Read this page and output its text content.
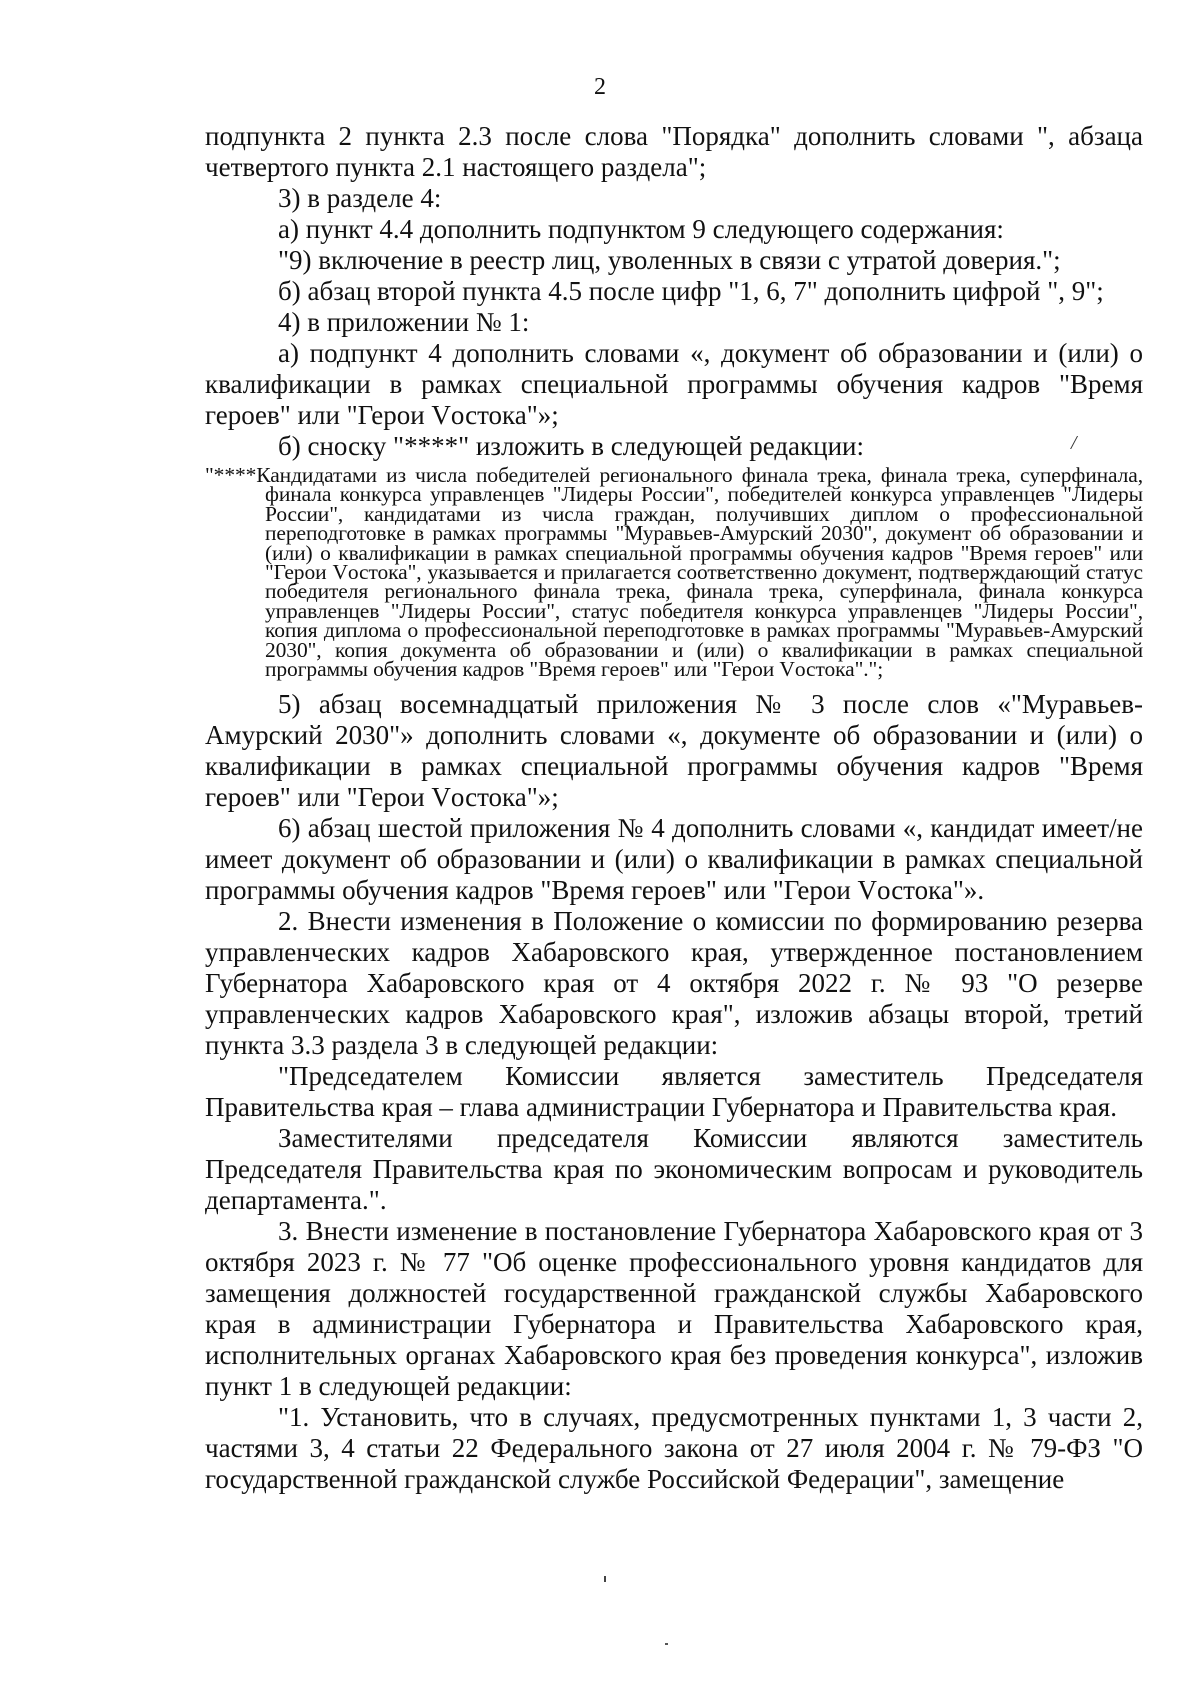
2

подпункта 2 пункта 2.3 после слова "Порядка" дополнить словами ", абзаца четвертого пункта 2.1 настоящего раздела";

3) в разделе 4:

а) пункт 4.4 дополнить подпунктом 9 следующего содержания:

"9) включение в реестр лиц, уволенных в связи с утратой доверия.";

б) абзац второй пункта 4.5 после цифр "1, 6, 7" дополнить цифрой ", 9";

4) в приложении № 1:

а) подпункт 4 дополнить словами «, документ об образовании и (или) о квалификации в рамках специальной программы обучения кадров "Время героев" или "Герои Vостока"»;

б) сноску "****" изложить в следующей редакции:

"****Кандидатами из числа победителей регионального финала трека, финала трека, суперфинала, финала конкурса управленцев "Лидеры России", победителей конкурса управленцев "Лидеры России", кандидатами из числа граждан, получивших диплом о профессиональной переподготовке в рамках программы "Муравьев-Амурский 2030", документ об образовании и (или) о квалификации в рамках специальной программы обучения кадров "Время героев" или "Герои Vостока", указывается и прилагается соответственно документ, подтверждающий статус победителя регионального финала трека, финала трека, суперфинала, финала конкурса управленцев "Лидеры России", статус победителя конкурса управленцев "Лидеры России", копия диплома о профессиональной переподготовке в рамках программы "Муравьев-Амурский 2030", копия документа об образовании и (или) о квалификации в рамках специальной программы обучения кадров "Время героев" или "Герои Vостока".";

5) абзац восемнадцатый приложения № 3 после слов «"Муравьев-Амурский 2030"» дополнить словами «, документе об образовании и (или) о квалификации в рамках специальной программы обучения кадров "Время героев" или "Герои Vостока"»;

6) абзац шестой приложения № 4 дополнить словами «, кандидат имеет/не имеет документ об образовании и (или) о квалификации в рамках специальной программы обучения кадров "Время героев" или "Герои Vостока"».

2. Внести изменения в Положение о комиссии по формированию резерва управленческих кадров Хабаровского края, утвержденное постановлением Губернатора Хабаровского края от 4 октября 2022 г. № 93 "О резерве управленческих кадров Хабаровского края", изложив абзацы второй, третий пункта 3.3 раздела 3 в следующей редакции:

"Председателем Комиссии является заместитель Председателя Правительства края – глава администрации Губернатора и Правительства края.

Заместителями председателя Комиссии являются заместитель Председателя Правительства края по экономическим вопросам и руководитель департамента.".

3. Внести изменение в постановление Губернатора Хабаровского края от 3 октября 2023 г. № 77 "Об оценке профессионального уровня кандидатов для замещения должностей государственной гражданской службы Хабаровского края в администрации Губернатора и Правительства Хабаровского края, исполнительных органах Хабаровского края без проведения конкурса", изложив пункт 1 в следующей редакции:

"1. Установить, что в случаях, предусмотренных пунктами 1, 3 части 2, частями 3, 4 статьи 22 Федерального закона от 27 июля 2004 г. № 79-ФЗ "О государственной гражданской службе Российской Федерации", замещение

/
